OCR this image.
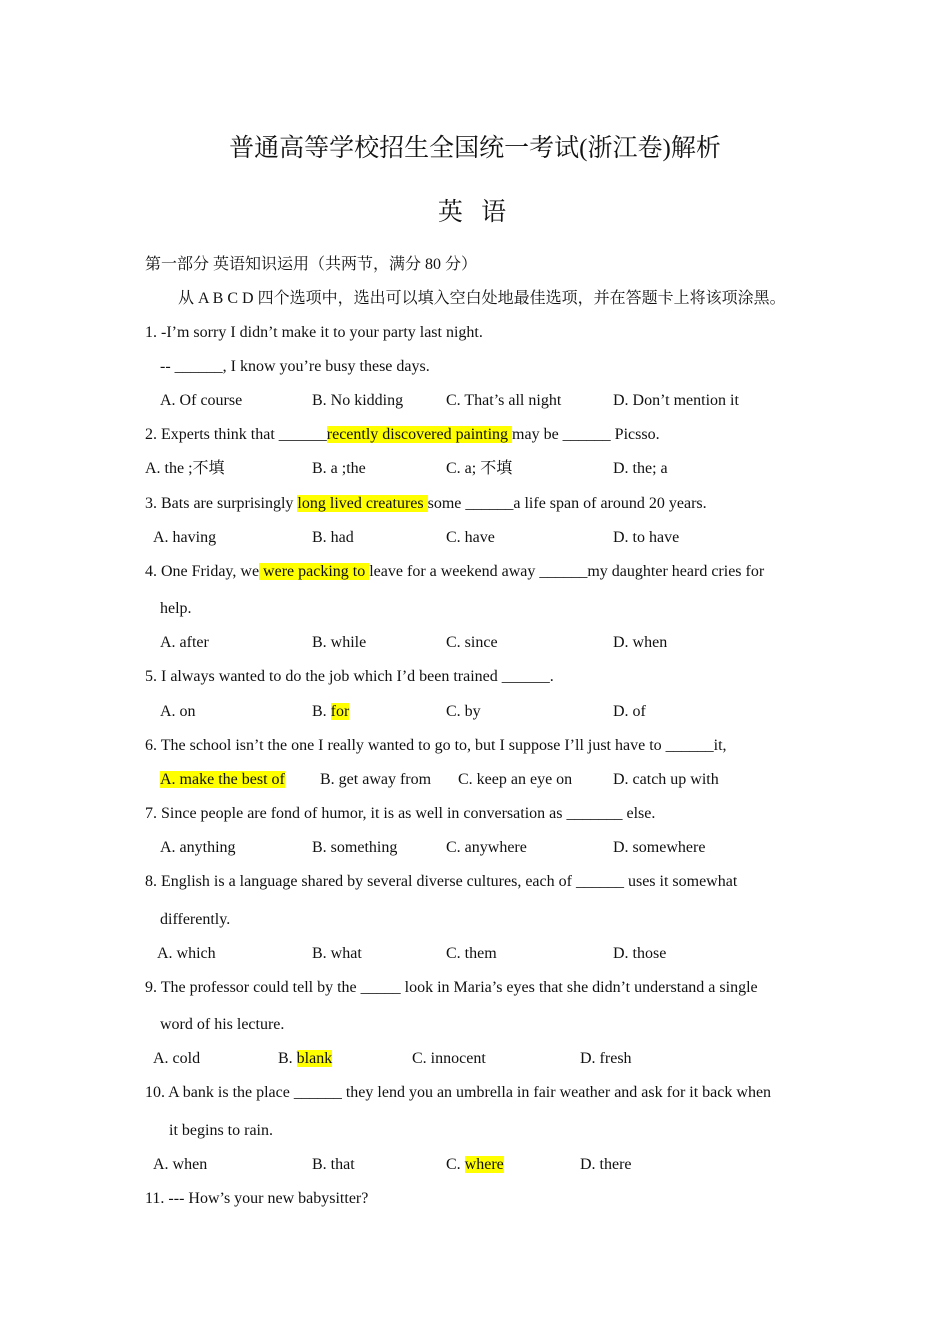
普通高等学校招生全国统一考试(浙江卷)解析
英 语
第一部分 英语知识运用（共两节，满分 80 分）
从 A B C D 四个选项中，选出可以填入空白处地最佳选项，并在答题卡上将该项涂黑。
1. -I’m sorry I didn’t make it to your party last night.
-- ______, I know you’re busy these days.
A. Of course	B. No kidding	C. That’s all night	D. Don’t mention it
2. Experts think that ______recently discovered painting may be ______ Picsso.
A. the ;不填	B. a ;the	C. a; 不填	D. the; a
3. Bats are surprisingly long lived creatures some ______a life span of around 20 years.
A. having	B. had	C. have	D. to have
4. One Friday, we were packing to leave for a weekend away ______my daughter heard cries for
help.
A. after	B. while	C. since	D. when
5. I always wanted to do the job which I’d been trained ______.
A. on	B. for	C. by	D. of
6. The school isn’t the one I really wanted to go to, but I suppose I’ll just have to ______it,
A. make the best of B. get away from C. keep an eye on	D. catch up with
7. Since people are fond of humor, it is as well in conversation as _______ else.
A. anything	B. something	C. anywhere	D. somewhere
8. English is a language shared by several diverse cultures, each of ______ uses it somewhat
differently.
A. which	B. what	C. them	D. those
9. The professor could tell by the _____ look in Maria’s eyes that she didn’t understand a single
word of his lecture.
A. cold	B. blank	C. innocent	D. fresh
10. A bank is the place ______ they lend you an umbrella in fair weather and ask for it back when
it begins to rain.
A. when	B. that	C. where	D. there
11. --- How’s your new babysitter?
